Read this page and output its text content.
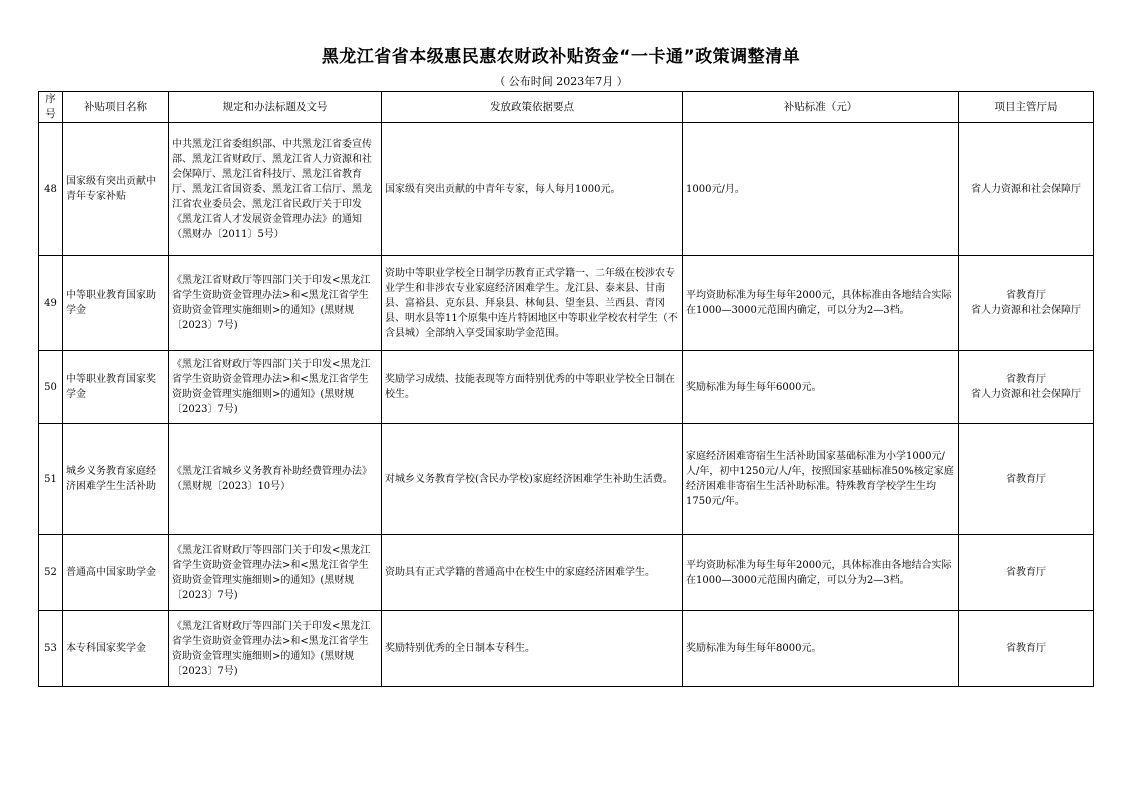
黑龙江省省本级惠民惠农财政补贴资金“一卡通”政策调整清单
（ 公布时间 2023年7月 ）
序号	补贴项目名称	规定和办法标题及文号	发放政策依据要点	补贴标准（元）	项目主管厅局
48	国家级有突出贡献中青年专家补贴	中共黑龙江省委组织部、中共黑龙江省委宣传部、黑龙江省财政厅、黑龙江省人力资源和社会保障厅、黑龙江省科技厅、黑龙江省教育厅、黑龙江省国资委、黑龙江省工信厅、黑龙江省农业委员会、黑龙江省民政厅关于印发《黑龙江省人才发展资金管理办法》的通知（黑财办〔2011〕5号）	国家级有突出贡献的中青年专家，每人每月1000元。	1000元/月。	省人力资源和社会保障厅

49	中等职业教育国家助学金	《黑龙江省财政厅等四部门关于印发<黑龙江省学生资助资金管理办法>和<黑龙江省学生资助资金管理实施细则>的通知》(黑财规〔2023〕7号)	资助中等职业学校全日制学历教育正式学籍一、二年级在校涉农专业学生和非涉农专业家庭经济困难学生。龙江县、泰来县、甘南县、富裕县、克东县、拜泉县、林甸县、望奎县、兰西县、青冈县、明水县等11个原集中连片特困地区中等职业学校农村学生（不含县城）全部纳入享受国家助学金范围。	平均资助标准为每生每年2000元，具体标准由各地结合实际在1000—3000元范围内确定，可以分为2—3档。	省教育厅
省人力资源和社会保障厅

50	中等职业教育国家奖学金	《黑龙江省财政厅等四部门关于印发<黑龙江省学生资助资金管理办法>和<黑龙江省学生资助资金管理实施细则>的通知》(黑财规〔2023〕7号)	奖励学习成绩、技能表现等方面特别优秀的中等职业学校全日制在校生。	奖励标准为每生每年6000元。	省教育厅
省人力资源和社会保障厅

51	城乡义务教育家庭经济困难学生生活补助	《黑龙江省城乡义务教育补助经费管理办法》（黑财规〔2023〕10号）	对城乡义务教育学校(含民办学校)家庭经济困难学生补助生活费。	家庭经济困难寄宿生生活补助国家基础标准为小学1000元/人/年，初中1250元/人/年，按照国家基础标准50%核定家庭经济困难非寄宿生生活补助标准。特殊教育学校学生生均1750元/年。	省教育厅

52	普通高中国家助学金	《黑龙江省财政厅等四部门关于印发<黑龙江省学生资助资金管理办法>和<黑龙江省学生资助资金管理实施细则>的通知》(黑财规〔2023〕7号)	资助具有正式学籍的普通高中在校生中的家庭经济困难学生。	平均资助标准为每生每年2000元，具体标准由各地结合实际在1000—3000元范围内确定，可以分为2—3档。	省教育厅

53	本专科国家奖学金	《黑龙江省财政厅等四部门关于印发<黑龙江省学生资助资金管理办法>和<黑龙江省学生资助资金管理实施细则>的通知》(黑财规〔2023〕7号)	奖励特别优秀的全日制本专科生。	奖励标准为每生每年8000元。	省教育厅
